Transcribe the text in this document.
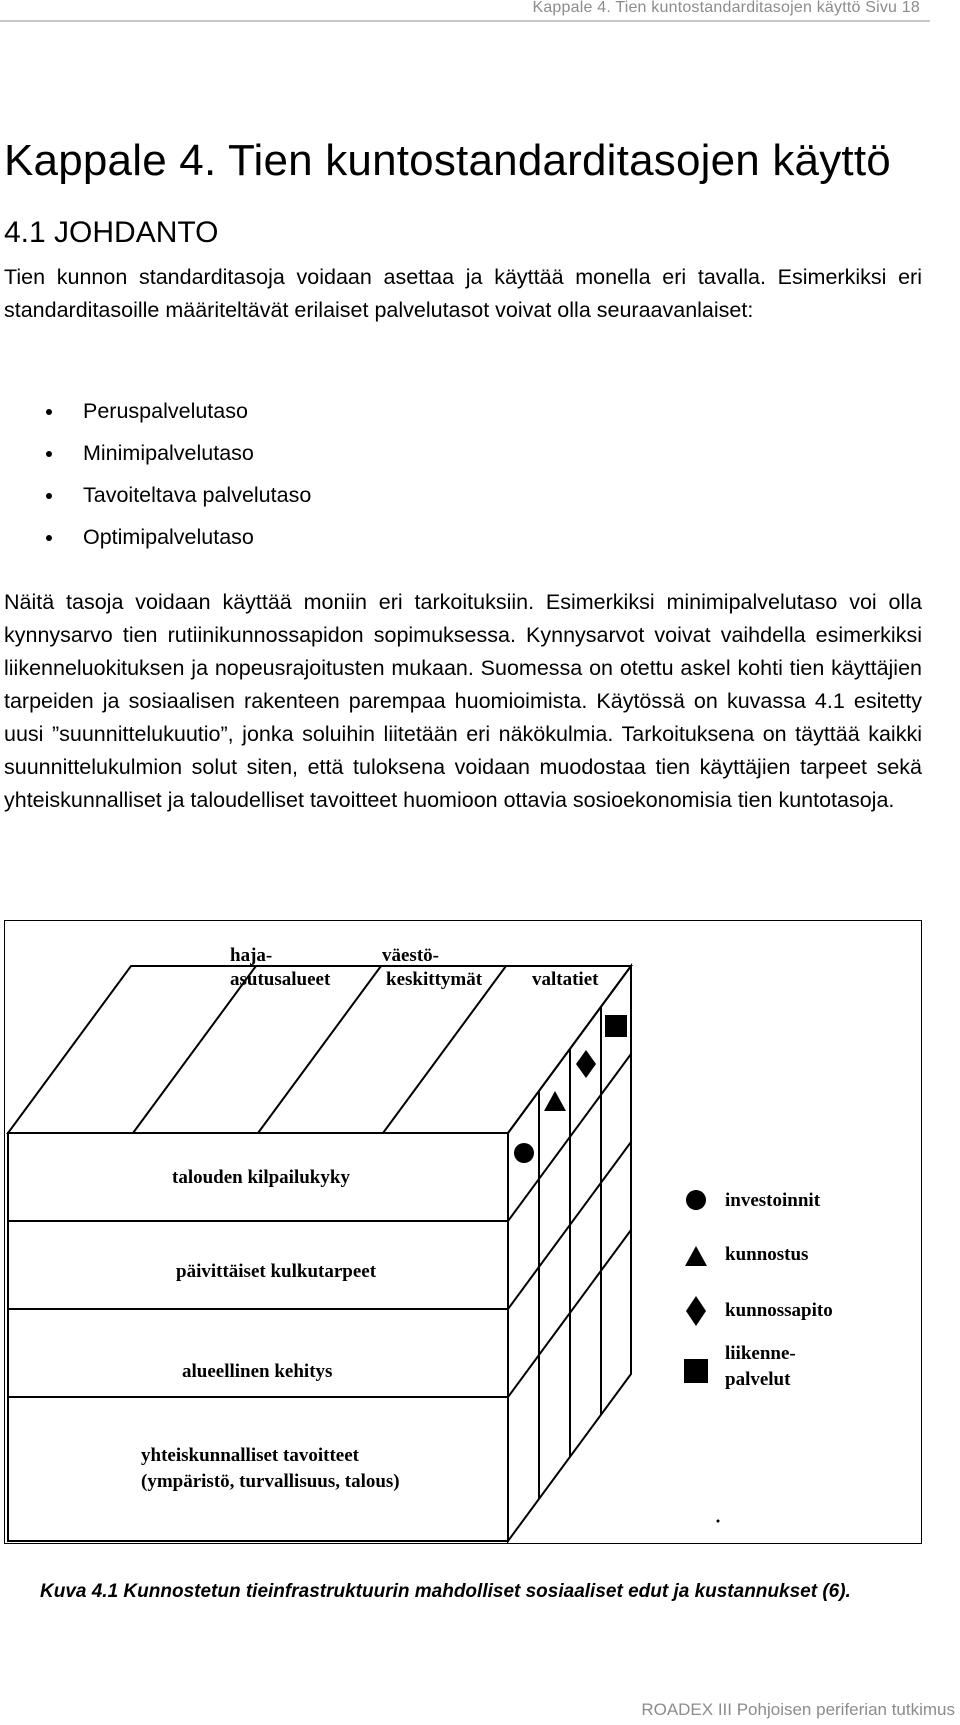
Kappale 4. Tien kuntostandarditasojen käyttö Sivu 18
Kappale 4. Tien kuntostandarditasojen käyttö
4.1 JOHDANTO

Tien kunnon standarditasoja voidaan asettaa ja käyttää monella eri tavalla. Esimerkiksi eri standarditasoille määriteltävät erilaiset palvelutasot voivat olla seuraavanlaiset:

Peruspalvelutaso
Minimipalvelutaso
Tavoiteltava palvelutaso
Optimipalvelutaso

Näitä tasoja voidaan käyttää moniin eri tarkoituksiin. Esimerkiksi minimipalvelutaso voi olla kynnysarvo tien rutiinikunnossapidon sopimuksessa. Kynnysarvot voivat vaihdella esimerkiksi liikenneluokituksen ja nopeusrajoitusten mukaan. Suomessa on otettu askel kohti tien käyttäjien tarpeiden ja sosiaalisen rakenteen parempaa huomioimista. Käytössä on kuvassa 4.1 esitetty uusi ”suunnittelukuutio”, jonka soluihin liitetään eri näkökulmia. Tarkoituksena on täyttää kaikki suunnittelukulmion solut siten, että tuloksena voidaan muodostaa tien käyttäjien tarpeet sekä yhteiskunnalliset ja taloudelliset tavoitteet huomioon ottavia sosioekonomisia tien kuntotasoja.

haja-
asutusalueet
väestö-
keskittymät	valtatiet
talouden kilpailukyky
päivittäiset kulkutarpeet
alueellinen kehitys
yhteiskunnalliset tavoitteet
(ympäristö, turvallisuus, talous)
investoinnit
kunnostus
kunnossapito
liikenne-
palvelut

Kuva 4.1 Kunnostetun tieinfrastruktuurin mahdolliset sosiaaliset edut ja kustannukset (6).

ROADEX III Pohjoisen periferian tutkimus
